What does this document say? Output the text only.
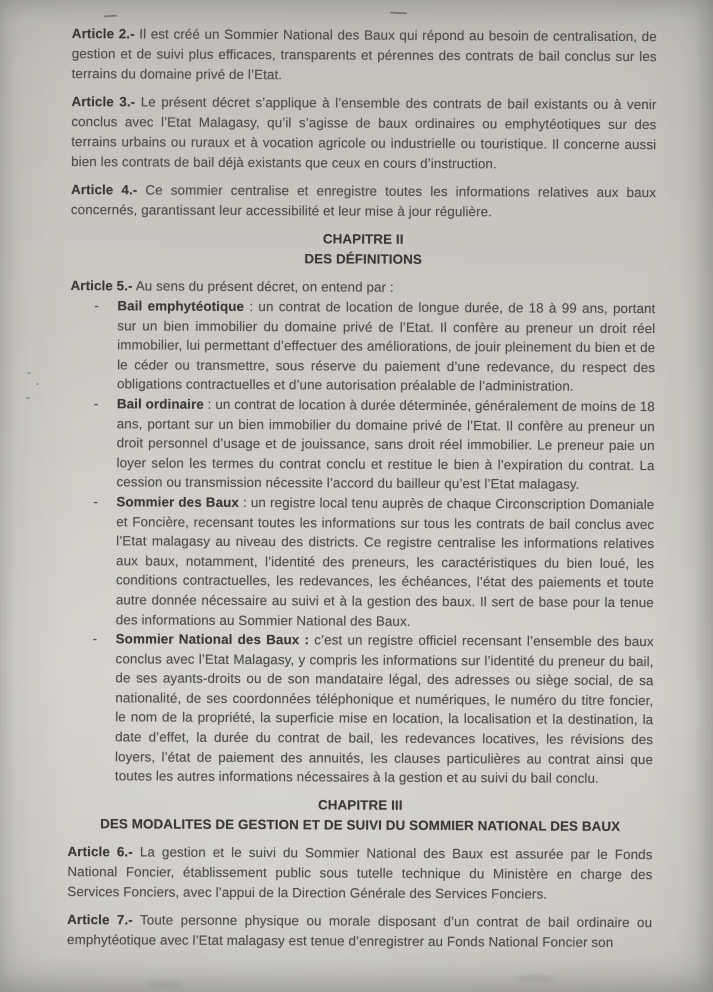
Article 2.- Il est créé un Sommier National des Baux qui répond au besoin de centralisation, de gestion et de suivi plus efficaces, transparents et pérennes des contrats de bail conclus sur les terrains du domaine privé de l’Etat.

Article 3.- Le présent décret s’applique à l’ensemble des contrats de bail existants ou à venir conclus avec l’Etat Malagasy, qu’il s’agisse de baux ordinaires ou emphytéotiques sur des terrains urbains ou ruraux et à vocation agricole ou industrielle ou touristique. Il concerne aussi bien les contrats de bail déjà existants que ceux en cours d’instruction.

Article 4.- Ce sommier centralise et enregistre toutes les informations relatives aux baux concernés, garantissant leur accessibilité et leur mise à jour régulière.

CHAPITRE II
DES DÉFINITIONS

Article 5.- Au sens du présent décret, on entend par :

- Bail emphytéotique : un contrat de location de longue durée, de 18 à 99 ans, portant sur un bien immobilier du domaine privé de l’Etat. Il confère au preneur un droit réel immobilier, lui permettant d’effectuer des améliorations, de jouir pleinement du bien et de le céder ou transmettre, sous réserve du paiement d’une redevance, du respect des obligations contractuelles et d’une autorisation préalable de l’administration.
- Bail ordinaire : un contrat de location à durée déterminée, généralement de moins de 18 ans, portant sur un bien immobilier du domaine privé de l’Etat. Il confère au preneur un droit personnel d’usage et de jouissance, sans droit réel immobilier. Le preneur paie un loyer selon les termes du contrat conclu et restitue le bien à l’expiration du contrat. La cession ou transmission nécessite l’accord du bailleur qu’est l’Etat malagasy.
- Sommier des Baux : un registre local tenu auprès de chaque Circonscription Domaniale et Foncière, recensant toutes les informations sur tous les contrats de bail conclus avec l’Etat malagasy au niveau des districts. Ce registre centralise les informations relatives aux baux, notamment, l’identité des preneurs, les caractéristiques du bien loué, les conditions contractuelles, les redevances, les échéances, l’état des paiements et toute autre donnée nécessaire au suivi et à la gestion des baux. Il sert de base pour la tenue des informations au Sommier National des Baux.
- Sommier National des Baux : c’est un registre officiel recensant l’ensemble des baux conclus avec l’Etat Malagasy, y compris les informations sur l’identité du preneur du bail, de ses ayants-droits ou de son mandataire légal, des adresses ou siège social, de sa nationalité, de ses coordonnées téléphonique et numériques, le numéro du titre foncier, le nom de la propriété, la superficie mise en location, la localisation et la destination, la date d’effet, la durée du contrat de bail, les redevances locatives, les révisions des loyers, l’état de paiement des annuités, les clauses particulières au contrat ainsi que toutes les autres informations nécessaires à la gestion et au suivi du bail conclu.

CHAPITRE III
DES MODALITES DE GESTION ET DE SUIVI DU SOMMIER NATIONAL DES BAUX

Article 6.- La gestion et le suivi du Sommier National des Baux est assurée par le Fonds National Foncier, établissement public sous tutelle technique du Ministère en charge des Services Fonciers, avec l’appui de la Direction Générale des Services Fonciers.

Article 7.- Toute personne physique ou morale disposant d’un contrat de bail ordinaire ou emphytéotique avec l’Etat malagasy est tenue d’enregistrer au Fonds National Foncier son
